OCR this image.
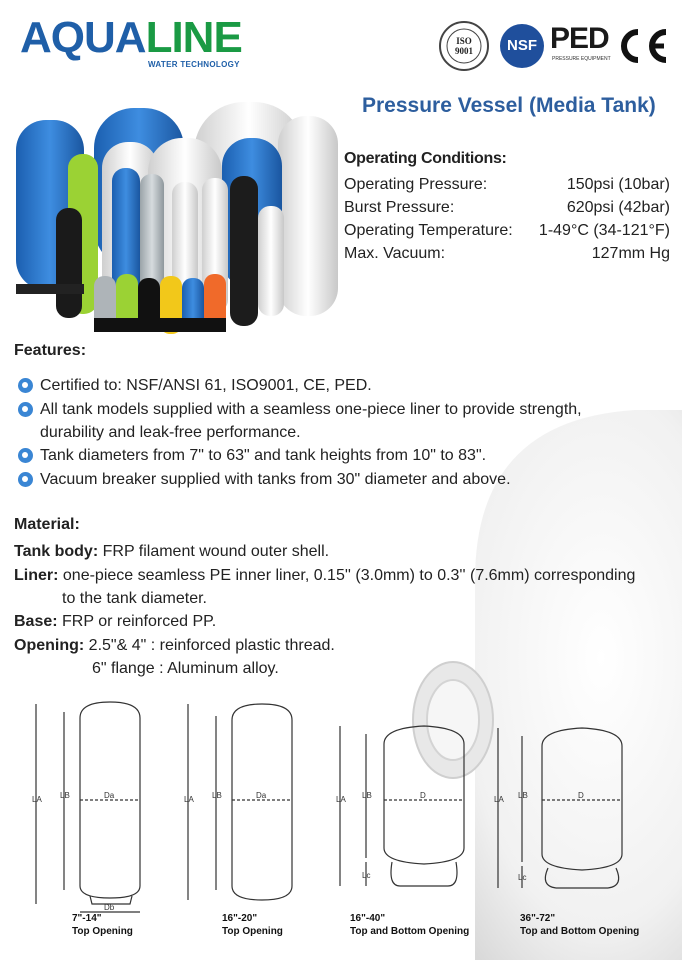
AQUALINE
WATER TECHNOLOGY
ISO
9001	NSF PED
PRESSURE EQUIPMENT
Pressure Vessel (Media Tank)
Operating Conditions:
Operating Pressure:	150psi (10bar)
Burst Pressure:	620psi (42bar)
Operating Temperature: 1-49°C (34-121°F)
Max. Vacuum:	127mm Hg
Features:
Certified to: NSF/ANSI 61, ISO9001, CE, PED.
All tank models supplied with a seamless one-piece liner to provide strength, durability and leak-free performance.
Tank diameters from 7" to 63" and tank heights from 10" to 83".
Vacuum breaker supplied with tanks from 30" diameter and above.
Material:
Tank body: FRP filament wound outer shell.
Liner: one-piece seamless PE inner liner, 0.15'' (3.0mm) to 0.3'' (7.6mm) corresponding
to the tank diameter.
Base: FRP or reinforced PP.
Opening: 2.5"& 4" : reinforced plastic thread.
6" flange : Aluminum alloy.
LA LB	Da
Db
LA LB	Da	LA LB	D
Lc
LA LB	D
Lc
7"-14"
Top Opening
16"-20"
Top Opening
16"-40"
Top and Bottom Opening
36"-72"
Top and Bottom Opening
